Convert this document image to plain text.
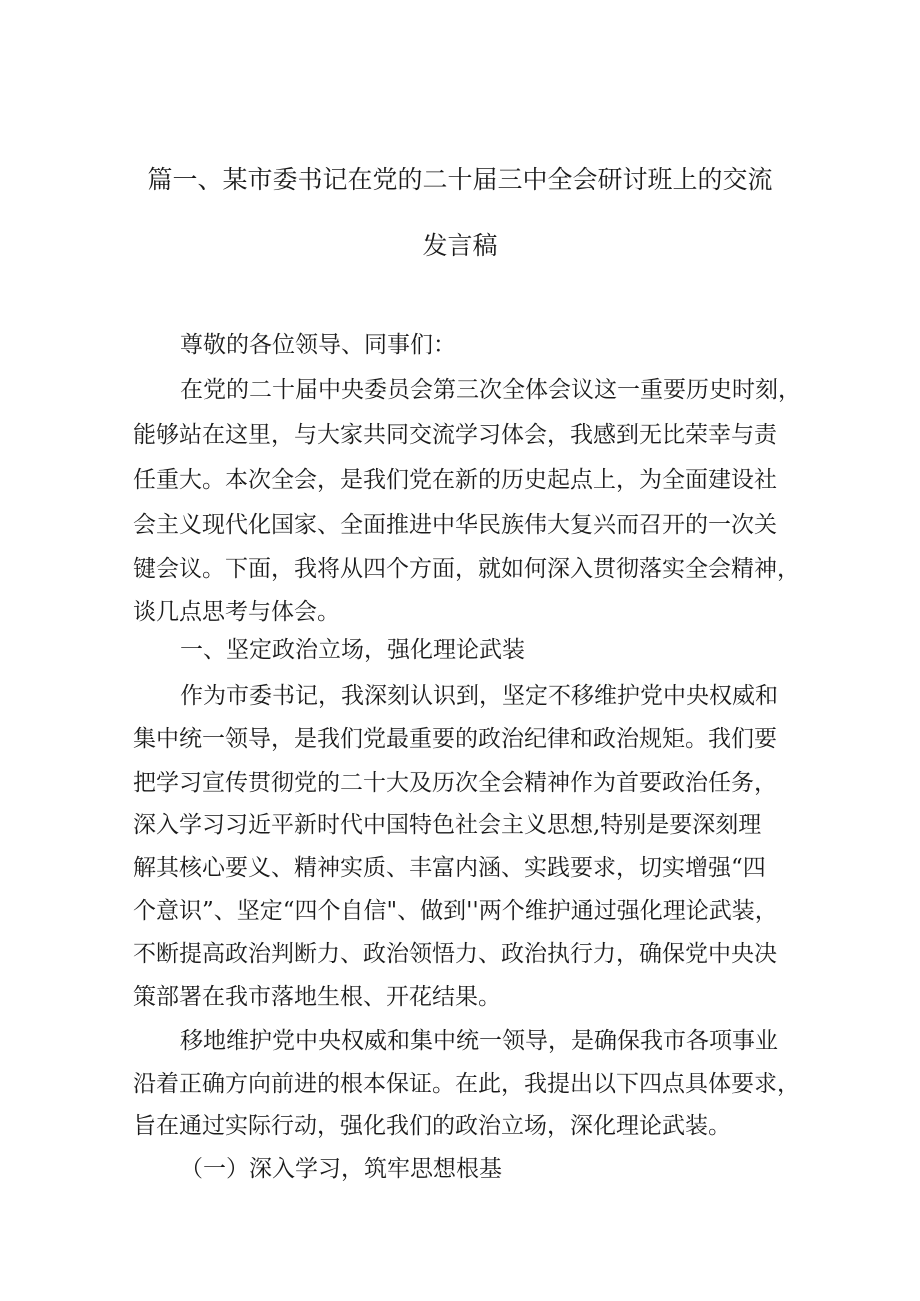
篇一、某市委书记在党的二十届三中全会研讨班上的交流
发言稿
尊敬的各位领导、同事们：
在党的二十届中央委员会第三次全体会议这一重要历史时刻，
能够站在这里，与大家共同交流学习体会，我感到无比荣幸与责
任重大。本次全会，是我们党在新的历史起点上，为全面建设社
会主义现代化国家、全面推进中华民族伟大复兴而召开的一次关
键会议。下面，我将从四个方面，就如何深入贯彻落实全会精神，
谈几点思考与体会。
一、坚定政治立场，强化理论武装
作为市委书记，我深刻认识到，坚定不移维护党中央权威和
集中统一领导，是我们党最重要的政治纪律和政治规矩。我们要
把学习宣传贯彻党的二十大及历次全会精神作为首要政治任务，
深入学习习近平新时代中国特色社会主义思想,特别是要深刻理
解其核心要义、精神实质、丰富内涵、实践要求，切实增强“四
个意识”、坚定“四个自信"、做到''两个维护通过强化理论武装，
不断提高政治判断力、政治领悟力、政治执行力，确保党中央决
策部署在我市落地生根、开花结果。
移地维护党中央权威和集中统一领导，是确保我市各项事业
沿着正确方向前进的根本保证。在此，我提出以下四点具体要求，
旨在通过实际行动，强化我们的政治立场，深化理论武装。
（一）深入学习，筑牢思想根基
